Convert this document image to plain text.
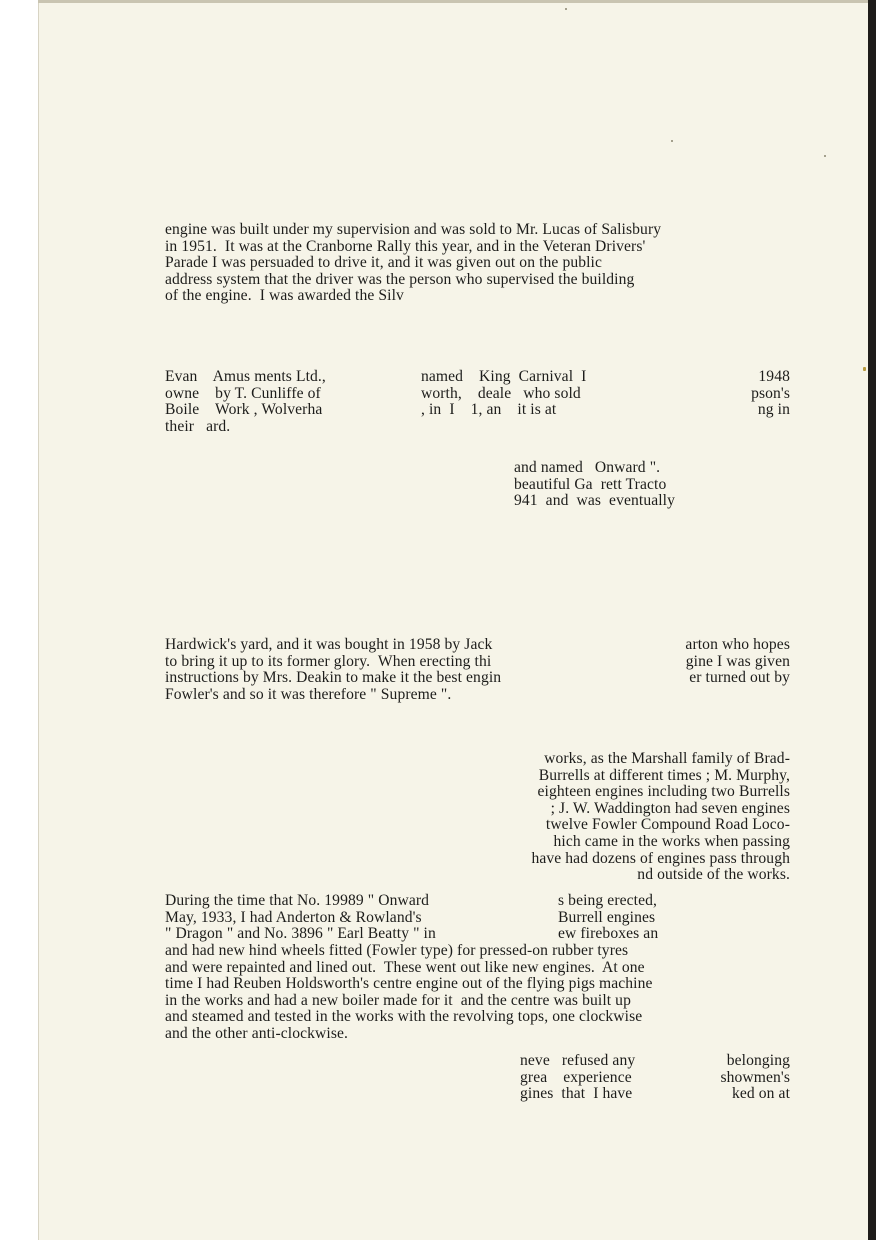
engine was built under my supervision and was sold to Mr. Lucas of Salisbury
in 1951.  It was at the Cranborne Rally this year, and in the Veteran Drivers'
Parade I was persuaded to drive it, and it was given out on the public
address system that the driver was the person who supervised the building
of the engine.  I was awarded the Silv

Evan    Amus ments Ltd.,
owne    by T. Cunliffe of
Boile    Work , Wolverha
their   ard.

named    King  Carnival  I
worth,    deale   who sold
, in  I    1, an    it is at

1948
pson's
ng in

and named   Onward ".
beautiful Ga  rett Tracto
941  and  was  eventually

Hardwick's yard, and it was bought in 1958 by Jack
to bring it up to its former glory.  When erecting thi
instructions by Mrs. Deakin to make it the best engin
Fowler's and so it was therefore " Supreme ".

arton who hopes
gine I was given
er turned out by

works, as the Marshall family of Brad-
Burrells at different times ; M. Murphy,
eighteen engines including two Burrells
; J. W. Waddington had seven engines
twelve Fowler Compound Road Loco-
hich came in the works when passing
have had dozens of engines pass through
nd outside of the works.

During the time that No. 19989 " Onward
May, 1933, I had Anderton & Rowland's
" Dragon " and No. 3896 " Earl Beatty " in

s being erected,
Burrell engines
ew fireboxes an

and had new hind wheels fitted (Fowler type) for pressed-on rubber tyres
and were repainted and lined out.  These went out like new engines.  At one
time I had Reuben Holdsworth's centre engine out of the flying pigs machine
in the works and had a new boiler made for it  and the centre was built up
and steamed and tested in the works with the revolving tops, one clockwise
and the other anti-clockwise.

neve   refused any
grea    experience
gines  that  I have

belonging
showmen's
ked on at
